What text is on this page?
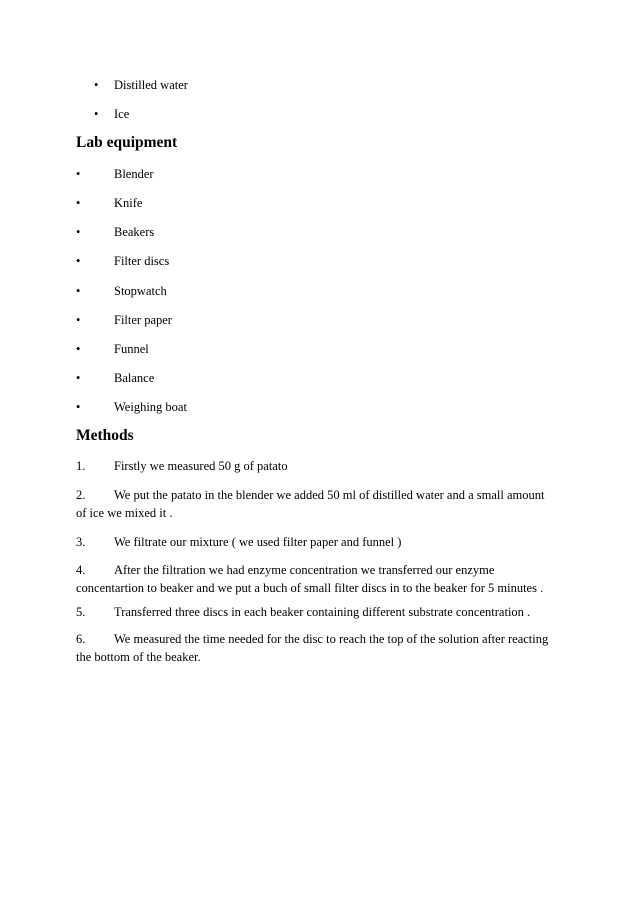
• Distilled water
• Ice
Lab equipment
•	Blender
•	Knife
•	Beakers
•	Filter discs
•	Stopwatch
•	Filter paper
•	Funnel
•	Balance
•	Weighing boat
Methods
1. Firstly we measured 50 g of patato
2. We put the patato in the blender we added 50 ml of distilled water and a small amount
of ice we mixed it .
3. We filtrate our mixture ( we used filter paper and funnel )
4. After the filtration we had enzyme concentration we transferred our enzyme
concentartion to beaker and we put a buch of small filter discs in to the beaker for 5 minutes .
5. Transferred three discs in each beaker containing different substrate concentration .
6. We measured the time needed for the disc to reach the top of the solution after reacting
the bottom of the beaker.
